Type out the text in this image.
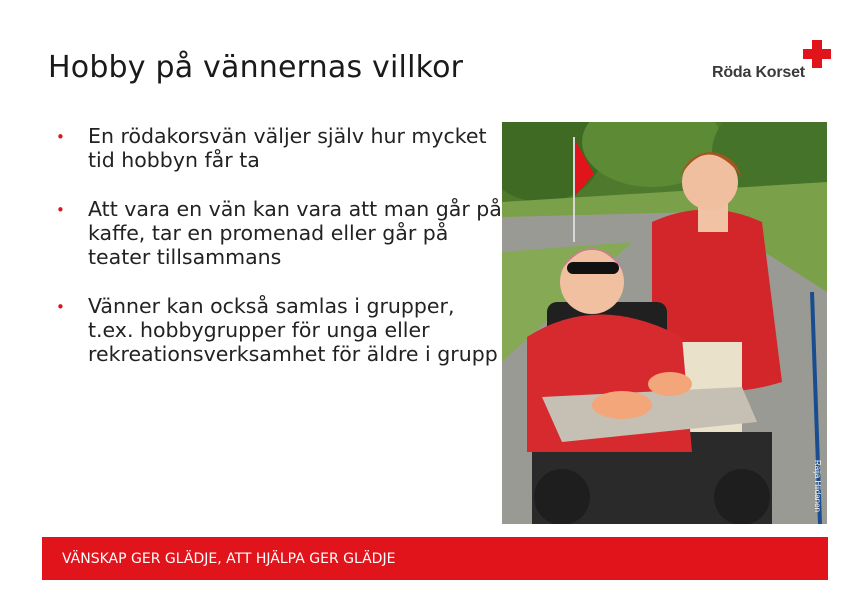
Hobby på vännernas villkor	Röda Korset
• En rödakorsvän väljer själv hur mycket tid hobbyn får ta
• Att vara en vän kan vara att man går på kaffe, tar en promenad eller går på teater tillsammans
• Vänner kan också samlas i grupper, t.ex. hobbygrupper för unga eller rekreationsverksamhet för äldre i grupp
Raija Hiidanen
VÄNSKAP GER GLÄDJE, ATT HJÄLPA GER GLÄDJE
